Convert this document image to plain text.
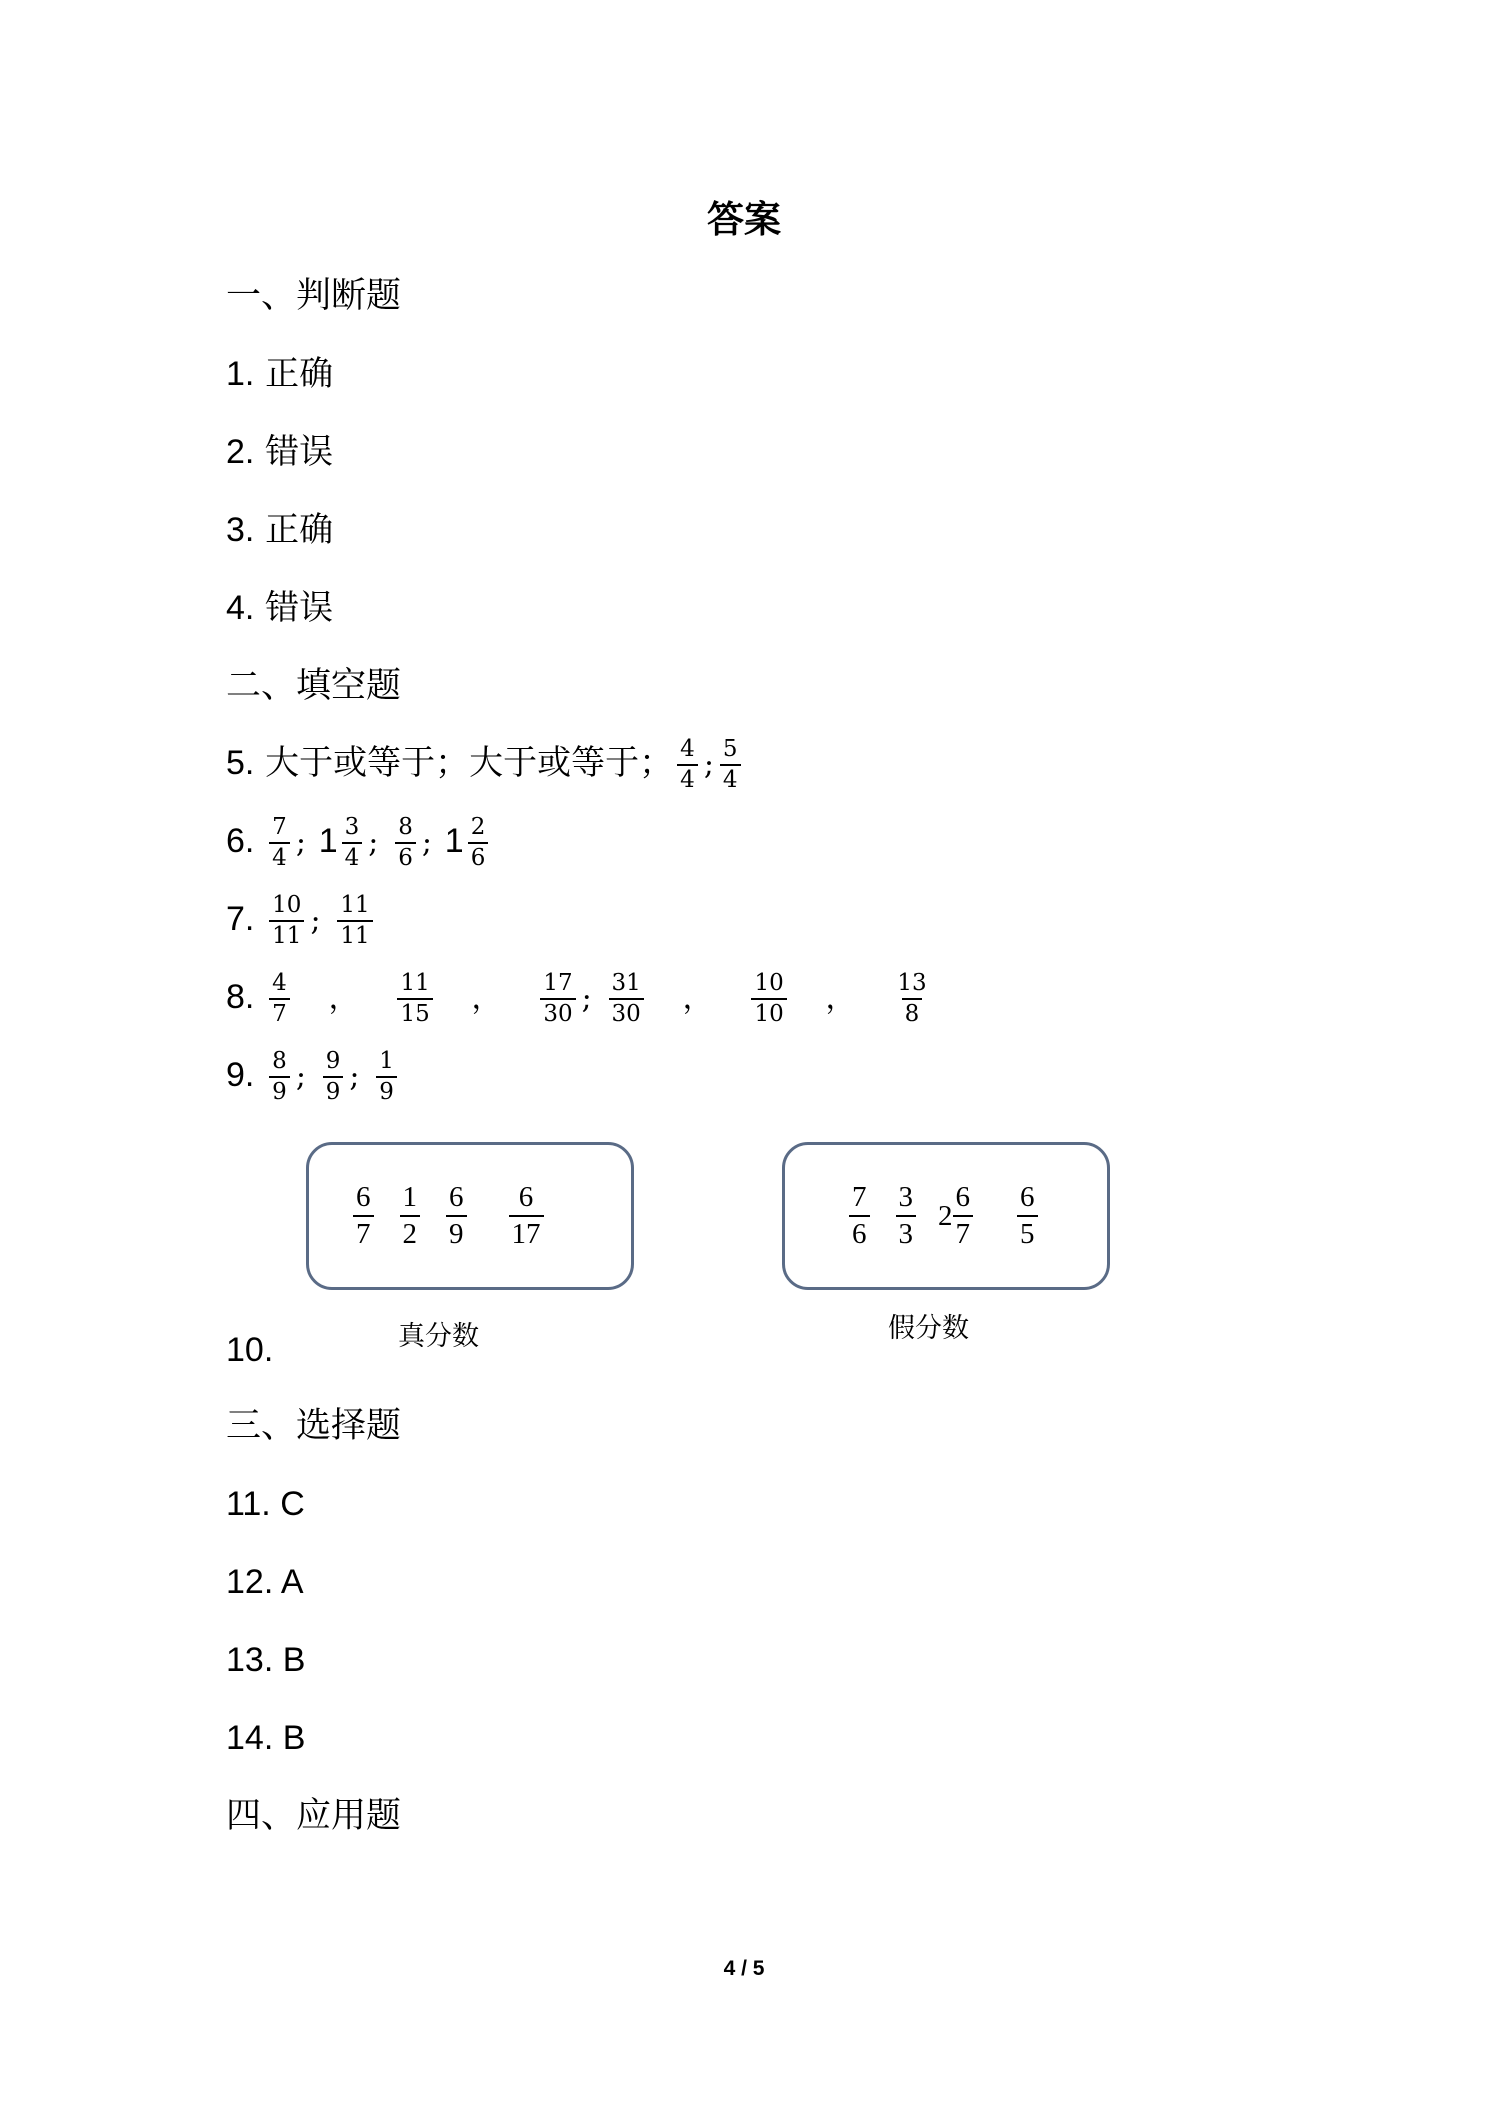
答案
一、判断题
1. 正确
2. 错误
3. 正确
4. 错误
二、填空题
5. 大于或等于；大于或等于； $\frac{4}{4}$ ; $\frac{5}{4}$
6. $\frac{7}{4}$ ; $1 \frac{3}{4}$ ; $\frac{8}{6}$ ; $1 \frac{2}{6}$
7. $\frac{10}{11}$ ; $\frac{11}{11}$
8. $\frac{4}{7}$ ， $\frac{11}{15}$ ， $\frac{17}{30}$ ; $\frac{31}{30}$ ， $\frac{10}{10}$ ， $\frac{13}{8}$
9. $\frac{8}{9}$ ; $\frac{9}{9}$ ; $\frac{1}{9}$
$\frac{6}{7} \frac{1}{2} \frac{6}{9} \frac{6}{17}$
真分数
$\frac{7}{6} \frac{3}{3} 2 \frac{6}{7} \frac{6}{5}$
假分数
10.
三、选择题
11. C
12. A
13. B
14. B
四、应用题
4 / 5
